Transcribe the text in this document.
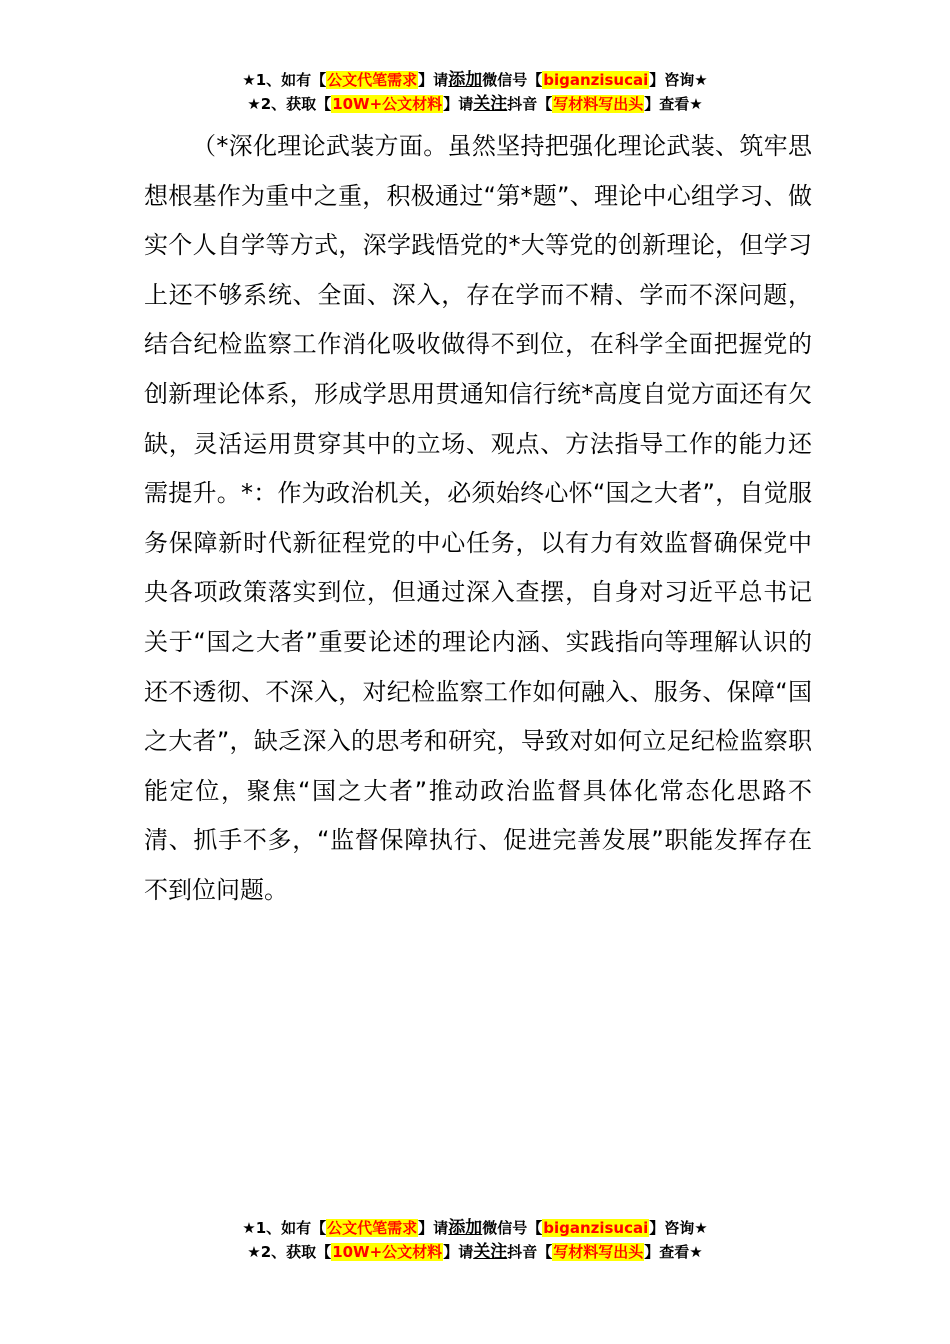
★1、如有【公文代笔需求】请添加微信号【biganzisucai】咨询★
★2、获取【10W+公文材料】请关注抖音【写材料写出头】查看★

（*深化理论武装方面。虽然坚持把强化理论武装、筑牢思想根基作为重中之重，积极通过“第*题”、理论中心组学习、做实个人自学等方式，深学践悟党的*大等党的创新理论，但学习上还不够系统、全面、深入，存在学而不精、学而不深问题，结合纪检监察工作消化吸收做得不到位，在科学全面把握党的创新理论体系，形成学思用贯通知信行统*高度自觉方面还有欠缺，灵活运用贯穿其中的立场、观点、方法指导工作的能力还需提升。*：作为政治机关，必须始终心怀“国之大者”，自觉服务保障新时代新征程党的中心任务，以有力有效监督确保党中央各项政策落实到位，但通过深入查摆，自身对习近平总书记关于“国之大者”重要论述的理论内涵、实践指向等理解认识的还不透彻、不深入，对纪检监察工作如何融入、服务、保障“国之大者”，缺乏深入的思考和研究，导致对如何立足纪检监察职能定位，聚焦“国之大者”推动政治监督具体化常态化思路不清、抓手不多，“监督保障执行、促进完善发展”职能发挥存在不到位问题。

★1、如有【公文代笔需求】请添加微信号【biganzisucai】咨询★
★2、获取【10W+公文材料】请关注抖音【写材料写出头】查看★
